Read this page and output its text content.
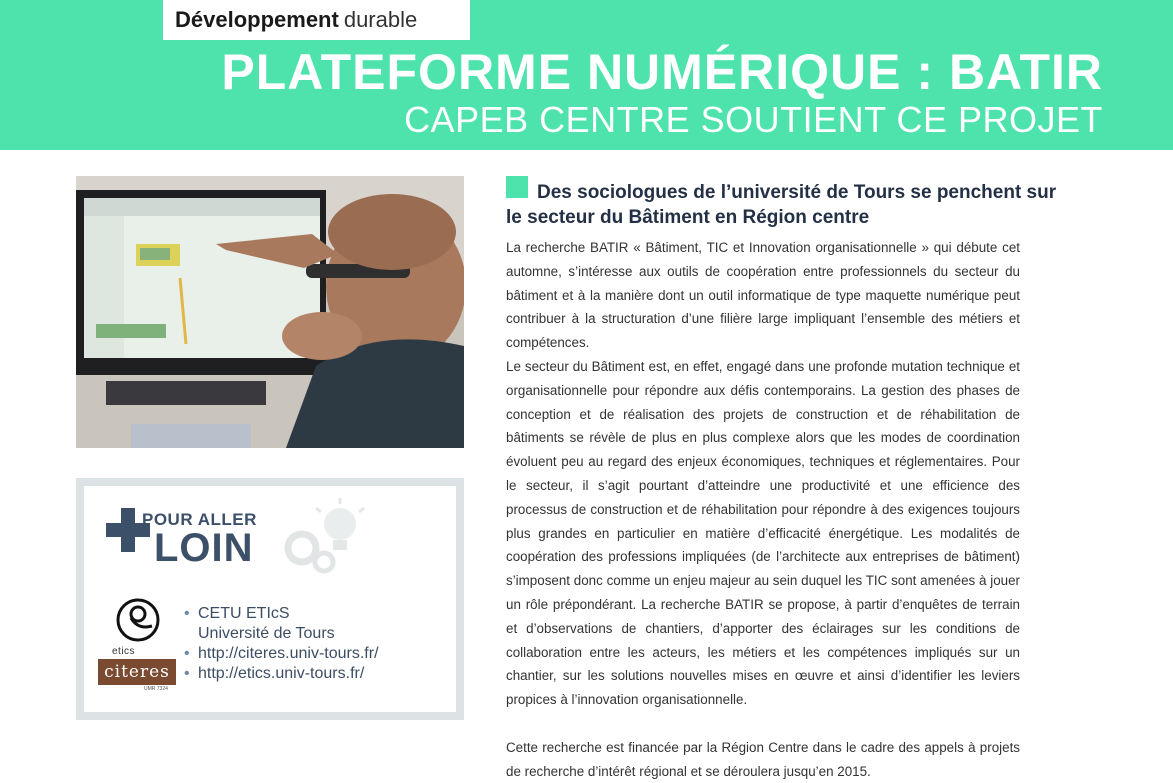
Développement durable
PLATEFORME NUMÉRIQUE : BATIR
CAPEB CENTRE SOUTIENT CE PROJET
POUR ALLER
LOIN
etics
citeres
UMR 7324
• CETU ETIcS
Université de Tours
• http://citeres.univ-tours.fr/
• http://etics.univ-tours.fr/
Des sociologues de l’université de Tours se penchent sur le secteur du Bâtiment en Région centre

La recherche BATIR « Bâtiment, TIC et Innovation organisationnelle » qui débute cet automne, s’intéresse aux outils de coopération entre professionnels du secteur du bâtiment et à la manière dont un outil informatique de type maquette numérique peut contribuer à la structuration d’une filière large impliquant l’ensemble des métiers et compétences.

Le secteur du Bâtiment est, en effet, engagé dans une profonde mutation technique et organisationnelle pour répondre aux défis contemporains. La gestion des phases de conception et de réalisation des projets de construction et de réhabilitation de bâtiments se révèle de plus en plus complexe alors que les modes de coordination évoluent peu au regard des enjeux économiques, techniques et réglementaires. Pour le secteur, il s’agit pourtant d’atteindre une productivité et une efficience des processus de construction et de réhabilitation pour répondre à des exigences toujours plus grandes en particulier en matière d’efficacité énergétique. Les modalités de coopération des professions impliquées (de l’architecte aux entreprises de bâtiment) s’imposent donc comme un enjeu majeur au sein duquel les TIC sont amenées à jouer un rôle prépondérant. La recherche BATIR se propose, à partir d’enquêtes de terrain et d’observations de chantiers, d’apporter des éclairages sur les conditions de collaboration entre les acteurs, les métiers et les compétences impliqués sur un chantier, sur les solutions nouvelles mises en œuvre et ainsi d’identifier les leviers propices à l’innovation organisationnelle.

Cette recherche est financée par la Région Centre dans le cadre des appels à projets de recherche d’intérêt régional et se déroulera jusqu’en 2015.
